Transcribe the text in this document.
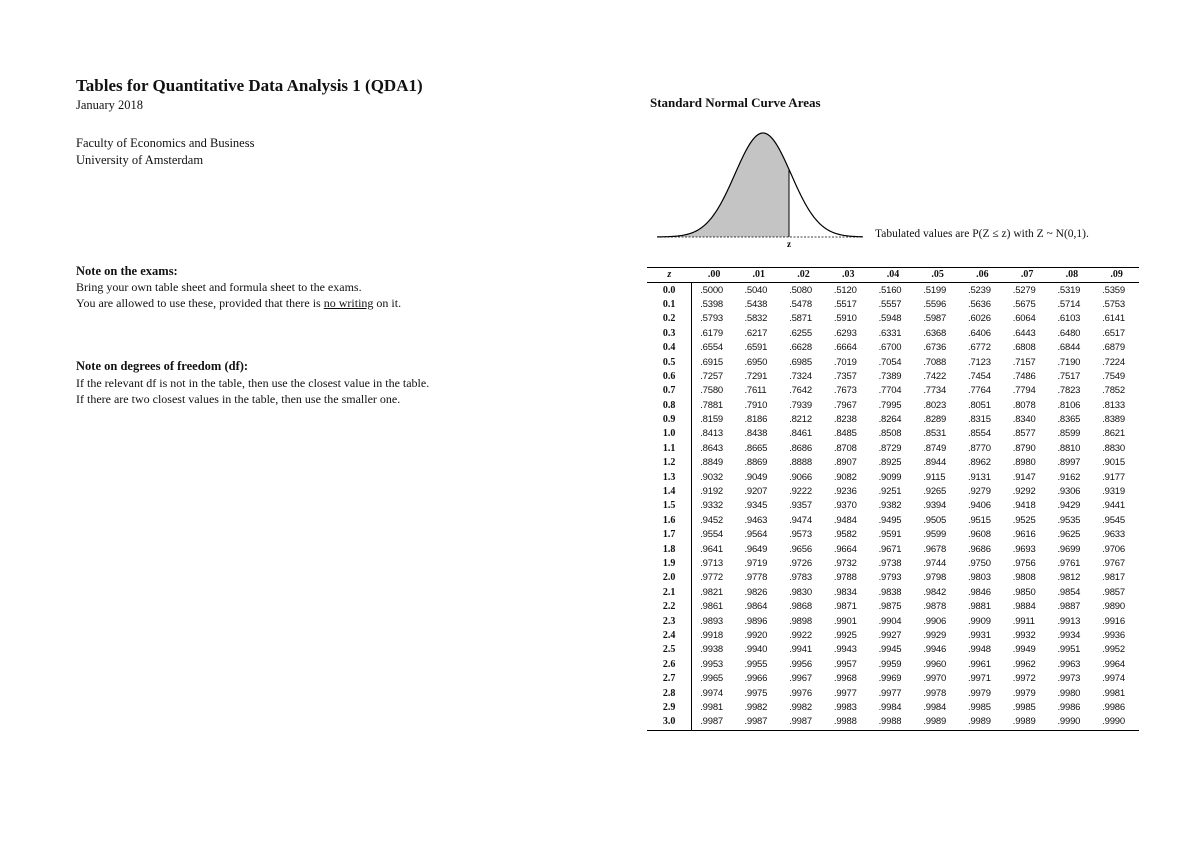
Tables for Quantitative Data Analysis 1 (QDA1)
January 2018
Faculty of Economics and Business
University of Amsterdam
Note on the exams:
Bring your own table sheet and formula sheet to the exams.
You are allowed to use these, provided that there is no writing on it.
Note on degrees of freedom (df):
If the relevant df is not in the table, then use the closest value in the table.
If there are two closest values in the table, then use the smaller one.
Standard Normal Curve Areas
z
Tabulated values are P(Z ≤ z) with Z ~ N(0,1).
z	.00	.01	.02	.03	.04	.05	.06	.07	.08	.09
0.0	.5000	.5040	.5080	.5120	.5160	.5199	.5239	.5279	.5319	.5359
0.1	.5398	.5438	.5478	.5517	.5557	.5596	.5636	.5675	.5714	.5753
0.2	.5793	.5832	.5871	.5910	.5948	.5987	.6026	.6064	.6103	.6141
0.3	.6179	.6217	.6255	.6293	.6331	.6368	.6406	.6443	.6480	.6517
0.4	.6554	.6591	.6628	.6664	.6700	.6736	.6772	.6808	.6844	.6879
0.5	.6915	.6950	.6985	.7019	.7054	.7088	.7123	.7157	.7190	.7224
0.6	.7257	.7291	.7324	.7357	.7389	.7422	.7454	.7486	.7517	.7549
0.7	.7580	.7611	.7642	.7673	.7704	.7734	.7764	.7794	.7823	.7852
0.8	.7881	.7910	.7939	.7967	.7995	.8023	.8051	.8078	.8106	.8133
0.9	.8159	.8186	.8212	.8238	.8264	.8289	.8315	.8340	.8365	.8389
1.0	.8413	.8438	.8461	.8485	.8508	.8531	.8554	.8577	.8599	.8621
1.1	.8643	.8665	.8686	.8708	.8729	.8749	.8770	.8790	.8810	.8830
1.2	.8849	.8869	.8888	.8907	.8925	.8944	.8962	.8980	.8997	.9015
1.3	.9032	.9049	.9066	.9082	.9099	.9115	.9131	.9147	.9162	.9177
1.4	.9192	.9207	.9222	.9236	.9251	.9265	.9279	.9292	.9306	.9319
1.5	.9332	.9345	.9357	.9370	.9382	.9394	.9406	.9418	.9429	.9441
1.6	.9452	.9463	.9474	.9484	.9495	.9505	.9515	.9525	.9535	.9545
1.7	.9554	.9564	.9573	.9582	.9591	.9599	.9608	.9616	.9625	.9633
1.8	.9641	.9649	.9656	.9664	.9671	.9678	.9686	.9693	.9699	.9706
1.9	.9713	.9719	.9726	.9732	.9738	.9744	.9750	.9756	.9761	.9767
2.0	.9772	.9778	.9783	.9788	.9793	.9798	.9803	.9808	.9812	.9817
2.1	.9821	.9826	.9830	.9834	.9838	.9842	.9846	.9850	.9854	.9857
2.2	.9861	.9864	.9868	.9871	.9875	.9878	.9881	.9884	.9887	.9890
2.3	.9893	.9896	.9898	.9901	.9904	.9906	.9909	.9911	.9913	.9916
2.4	.9918	.9920	.9922	.9925	.9927	.9929	.9931	.9932	.9934	.9936
2.5	.9938	.9940	.9941	.9943	.9945	.9946	.9948	.9949	.9951	.9952
2.6	.9953	.9955	.9956	.9957	.9959	.9960	.9961	.9962	.9963	.9964
2.7	.9965	.9966	.9967	.9968	.9969	.9970	.9971	.9972	.9973	.9974
2.8	.9974	.9975	.9976	.9977	.9977	.9978	.9979	.9979	.9980	.9981
2.9	.9981	.9982	.9982	.9983	.9984	.9984	.9985	.9985	.9986	.9986
3.0	.9987	.9987	.9987	.9988	.9988	.9989	.9989	.9989	.9990	.9990
